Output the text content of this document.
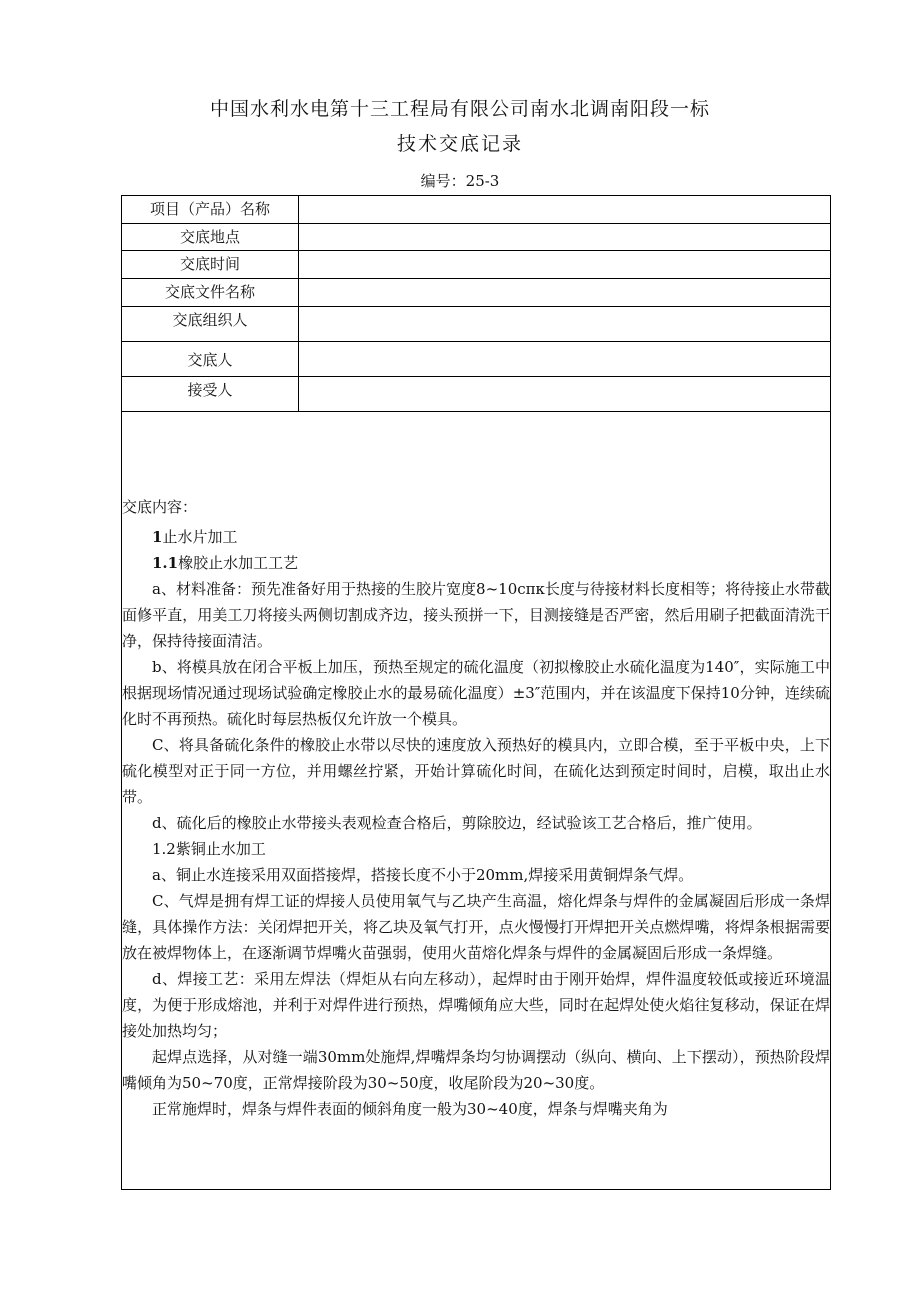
中国水利水电第十三工程局有限公司南水北调南阳段一标
技术交底记录
编号：25-3
项目（产品）名称	

交底地点	

交底时间	

交底文件名称	

交底组织人	

交底人	

接受人	

交底内容：

1止水片加工

1.1橡胶止水加工工艺

a、材料准备：预先准备好用于热接的生胶片宽度8~10cπκ长度与待接材料长度相等；将待接止水带截面修平直，用美工刀将接头两侧切割成齐边，接头预拼一下，目测接缝是否严密，然后用刷子把截面清洗干净，保持待接面清洁。

b、将模具放在闭合平板上加压，预热至规定的硫化温度（初拟橡胶止水硫化温度为140″，实际施工中根据现场情况通过现场试验确定橡胶止水的最易硫化温度）±3″范围内，并在该温度下保持10分钟，连续硫化时不再预热。硫化时每层热板仅允许放一个模具。

C、将具备硫化条件的橡胶止水带以尽快的速度放入预热好的模具内，立即合模，至于平板中央，上下硫化模型对正于同一方位，并用螺丝拧紧，开始计算硫化时间，在硫化达到预定时间时，启模，取出止水带。

d、硫化后的橡胶止水带接头表观检查合格后，剪除胶边，经试验该工艺合格后，推广使用。

1.2紫铜止水加工

a、铜止水连接采用双面搭接焊，搭接长度不小于20mm,焊接采用黄铜焊条气焊。

C、气焊是拥有焊工证的焊接人员使用氧气与乙块产生高温，熔化焊条与焊件的金属凝固后形成一条焊缝，具体操作方法：关闭焊把开关，将乙块及氧气打开，点火慢慢打开焊把开关点燃焊嘴，将焊条根据需要放在被焊物体上，在逐渐调节焊嘴火苗强弱，使用火苗熔化焊条与焊件的金属凝固后形成一条焊缝。

d、焊接工艺：采用左焊法（焊炬从右向左移动），起焊时由于刚开始焊，焊件温度较低或接近环境温度，为便于形成熔池，并利于对焊件进行预热，焊嘴倾角应大些，同时在起焊处使火焰往复移动，保证在焊接处加热均匀；

起焊点选择，从对缝一端30mm处施焊,焊嘴焊条均匀协调摆动（纵向、横向、上下摆动），预热阶段焊嘴倾角为50~70度，正常焊接阶段为30~50度，收尾阶段为20~30度。

正常施焊时，焊条与焊件表面的倾斜角度一般为30~40度，焊条与焊嘴夹角为
